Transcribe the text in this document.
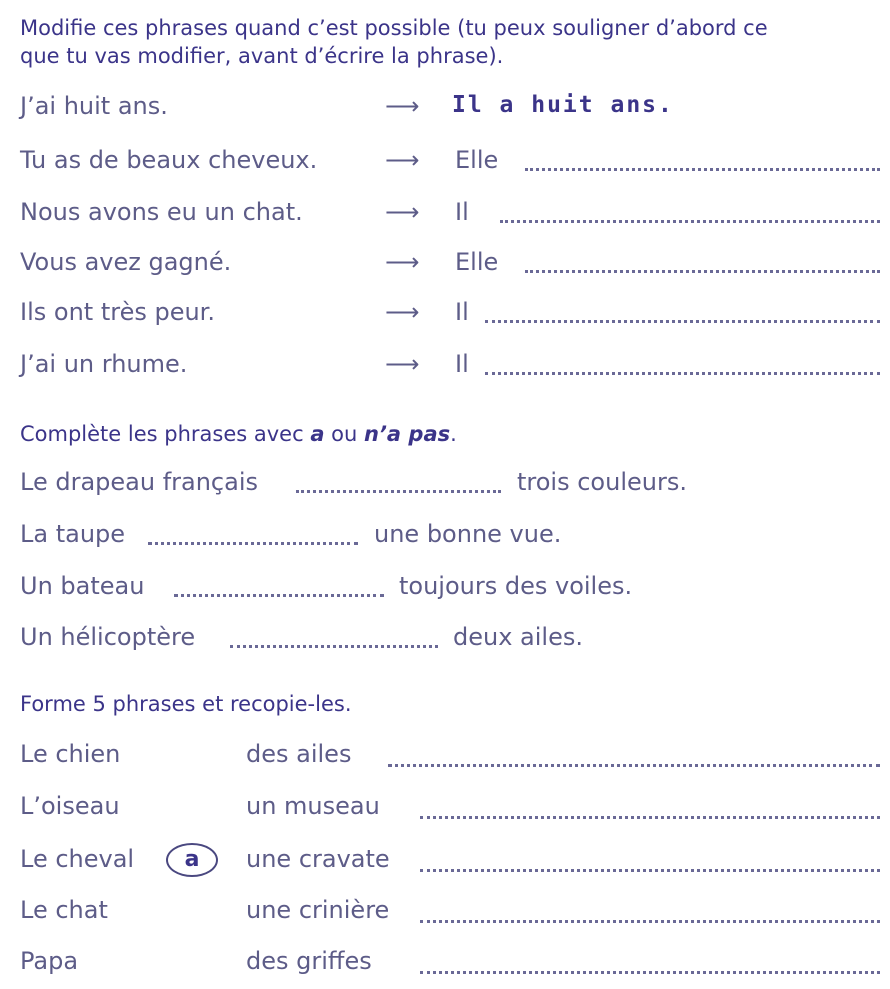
Modifie ces phrases quand c’est possible (tu peux souligner d’abord ce
que tu vas modifier, avant d’écrire la phrase).
J’ai huit ans.	⟶ Il a huit ans.
Tu as de beaux cheveux.	⟶ Elle
Nous avons eu un chat.	⟶ Il
Vous avez gagné.	⟶ Elle
Ils ont très peur.	⟶ Il
J’ai un rhume.	⟶ Il
Complète les phrases avec a ou n’a pas.
Le drapeau français	trois couleurs.
La taupe	une bonne vue.
Un bateau	toujours des voiles.
Un hélicoptère	deux ailes.
Forme 5 phrases et recopie-les.
Le chien	des ailes
L’oiseau	un museau
Le cheval	a	une cravate
Le chat	une crinière
Papa	des griffes
